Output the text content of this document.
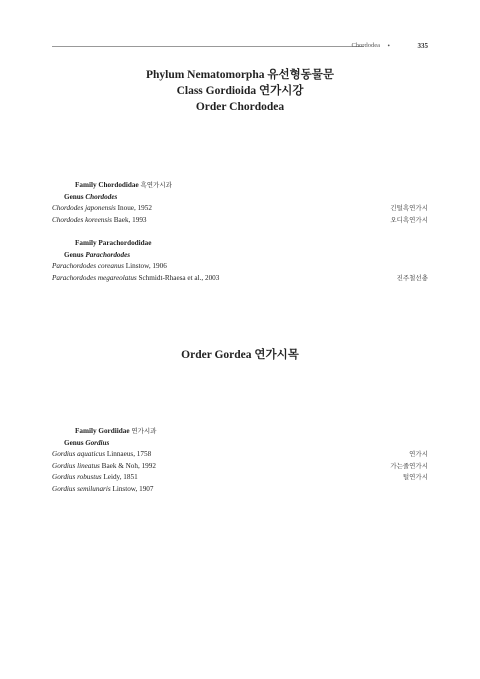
Chordodea •	335
Phylum Nematomorpha 유선형동물문
Class Gordioida 연가시강
Order Chordodea
Family Chordodidae 흑연가시과
Genus Chordodes
Chordodes japonensis Inoue, 1952	긴털흑연가시
Chordodes koreensis Baek, 1993	오디흑연가시
Family Parachordodidae
Genus Parachordodes
Parachordodes coreanus Linstow, 1906
Parachordodes megareolatus Schmidt-Rhaesa et al., 2003	진주철선충
Order Gordea 연가시목
Family Gordiidae 연가시과
Genus Gordius
Gordius aquaticus Linnaeus, 1758	연가시
Gordius lineatus Baek & Noh, 1992	가는줄연가시
Gordius robustus Leidy, 1851	털연가시
Gordius semilunaris Linstow, 1907
